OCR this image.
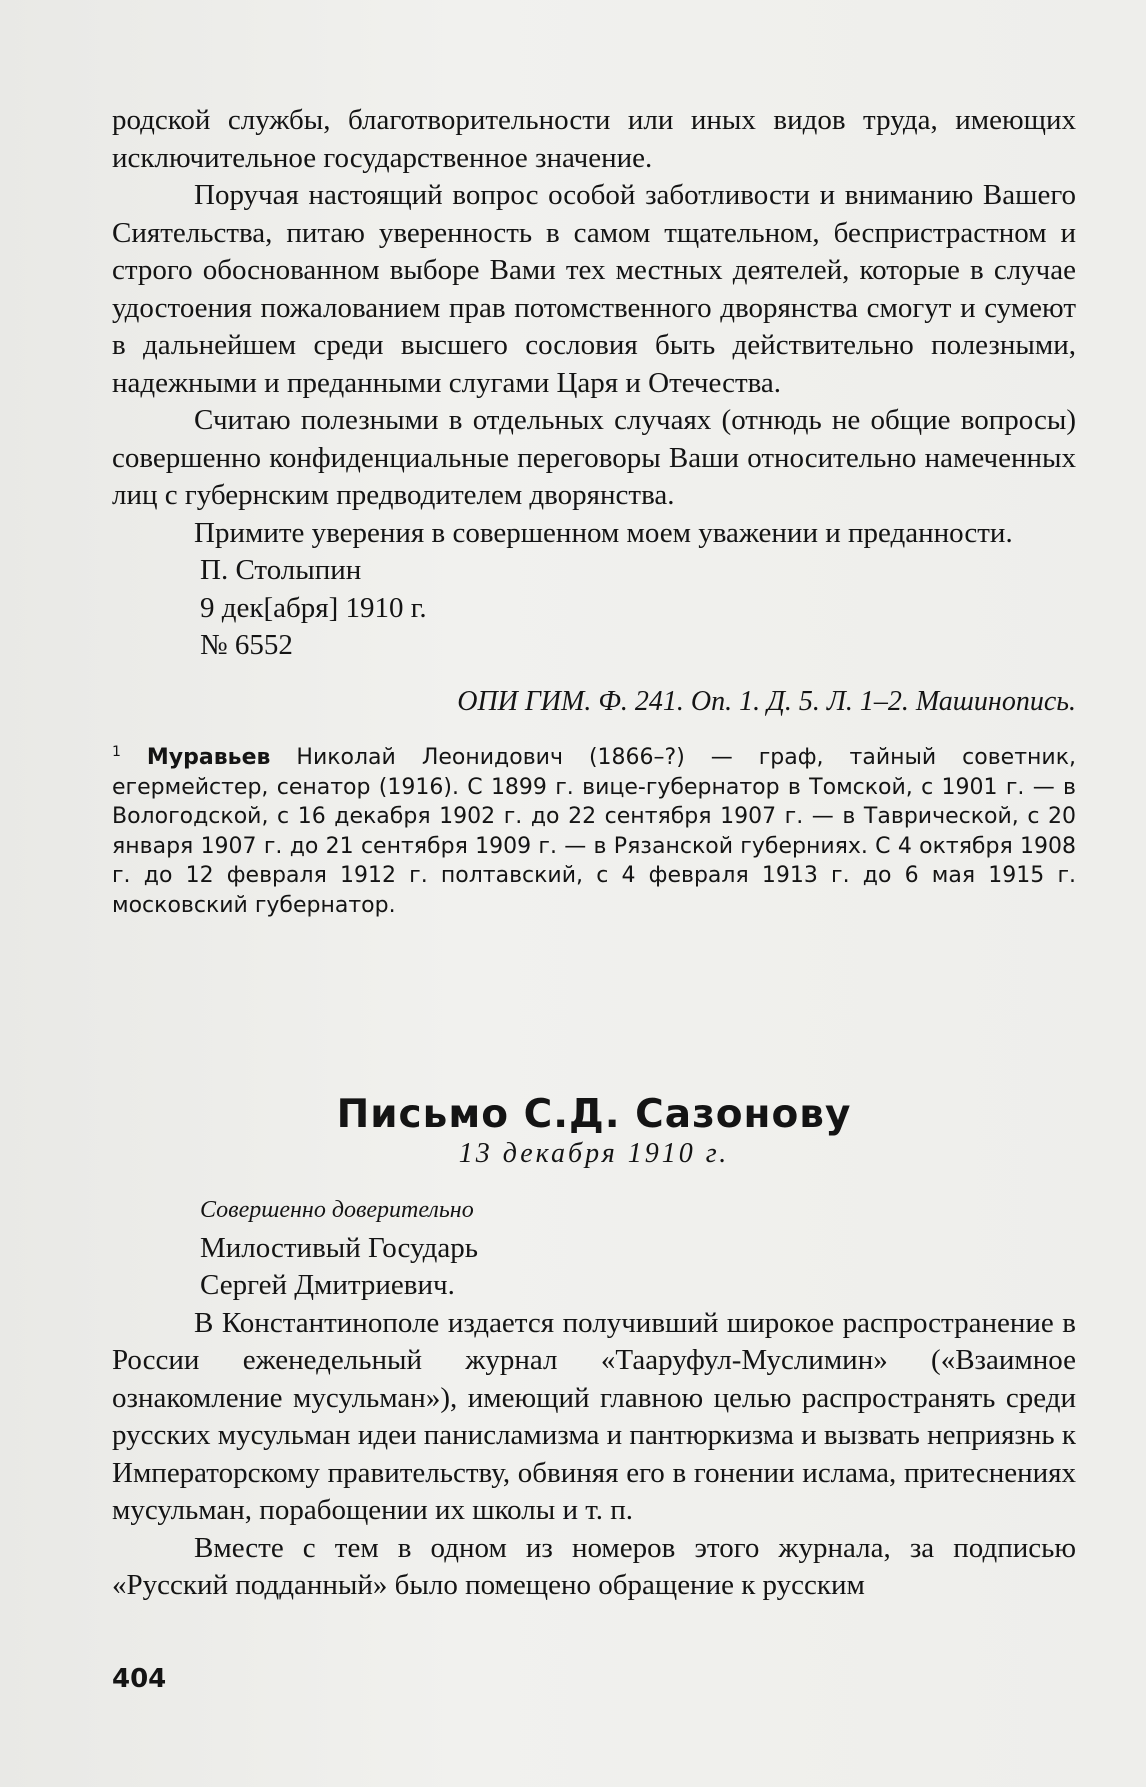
родской службы, благотворительности или иных видов труда, имеющих исключительное государственное значение.

Поручая настоящий вопрос особой заботливости и вниманию Вашего Сиятельства, питаю уверенность в самом тщательном, беспристрастном и строго обоснованном выборе Вами тех местных деятелей, которые в случае удостоения пожалованием прав потомственного дворянства смогут и сумеют в дальнейшем среди высшего сословия быть действительно полезными, надежными и преданными слугами Царя и Отечества.

Считаю полезными в отдельных случаях (отнюдь не общие вопросы) совершенно конфиденциальные переговоры Ваши относительно намеченных лиц с губернским предводителем дворянства.

Примите уверения в совершенном моем уважении и преданности.

П. Столыпин

9 дек[абря] 1910 г.

№ 6552

ОПИ ГИМ. Ф. 241. Оп. 1. Д. 5. Л. 1–2. Машинопись.

$^1$ Муравьев Николай Леонидович (1866–?) — граф, тайный советник, егермейстер, сенатор (1916). С 1899 г. вице-губернатор в Томской, с 1901 г. — в Вологодской, с 16 декабря 1902 г. до 22 сентября 1907 г. — в Таврической, с 20 января 1907 г. до 21 сентября 1909 г. — в Рязанской губерниях. С 4 октября 1908 г. до 12 февраля 1912 г. полтавский, с 4 февраля 1913 г. до 6 мая 1915 г. московский губернатор.

Письмо С.Д. Сазонову
13 декабря 1910 г.

Совершенно доверительно

Милостивый Государь

Сергей Дмитриевич.

В Константинополе издается получивший широкое распространение в России еженедельный журнал «Тааруфул-Муслимин» («Взаимное ознакомление мусульман»), имеющий главною целью распространять среди русских мусульман идеи панисламизма и пантюркизма и вызвать неприязнь к Императорскому правительству, обвиняя его в гонении ислама, притеснениях мусульман, порабощении их школы и т. п.

Вместе с тем в одном из номеров этого журнала, за подписью «Русский подданный» было помещено обращение к русским

404
